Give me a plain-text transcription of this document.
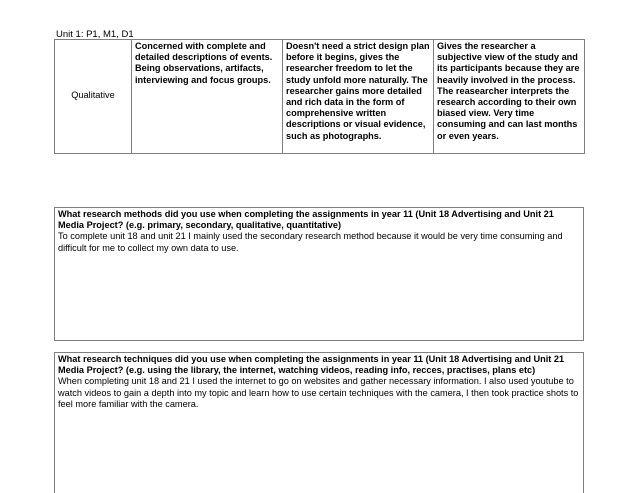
Unit 1: P1, M1, D1
Qualitative	Concerned with complete and detailed descriptions of events. Being observations, artifacts, interviewing and focus groups.	Doesn't need a strict design plan before it begins, gives the researcher freedom to let the study unfold more naturally. The researcher gains more detailed and rich data in the form of comprehensive written descriptions or visual evidence, such as photographs.	Gives the researcher a subjective view of the study and its participants because they are heavily involved in the process. The reasearcher interprets the research according to their own biased view. Very time consuming and can last months or even years.
What research methods did you use when completing the assignments in year 11 (Unit 18 Advertising and Unit 21 Media Project? (e.g. primary, secondary, qualitative, quantitative)
To complete unit 18 and unit 21 I mainly used the secondary research method because it would be very time consuming and difficult for me to collect my own data to use.
What research techniques did you use when completing the assignments in year 11 (Unit 18 Advertising and Unit 21 Media Project? (e.g. using the library, the internet, watching videos, reading info, recces, practises, plans etc)
When completing unit 18 and 21 I used the internet to go on websites and gather necessary information. I also used youtube to watch videos to gain a depth into my topic and learn how to use certain techniques with the camera, I then took practice shots to feel more familiar with the camera.
